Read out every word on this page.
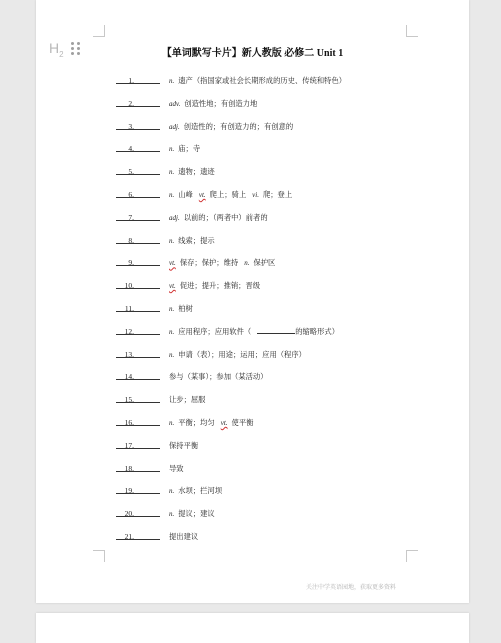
$H_2$	【单词默写卡片】新人教版 必修二 Unit 1
1.	n. 遗产（指国家或社会长期形成的历史、传统和特色）
2.	adv. 创造性地；有创造力地
3.	adj. 创造性的；有创造力的；有创意的
4.	n. 庙；寺
5.	n. 遗物；遗迹
6.	n. 山峰 vt. 爬上；骑上 vi. 爬；登上
7.	adj. 以前的；（两者中）前者的
8.	n. 线索；提示
9.	vt. 保存；保护；维持 n. 保护区
10.	vt. 促进；提升；推销；晋级
11.	n. 柏树
12.	n. 应用程序；应用软件（	的缩略形式）
13.	n. 申请（表）；用途；运用；应用（程序）
14.	参与（某事）；参加（某活动）
15.	让步；屈服
16.	n. 平衡；均匀 vt. 使平衡
17.	保持平衡
18.	导致
19.	n. 水坝；拦河坝
20.	n. 提议；建议
21.	提出建议
关注中学英语园地，获取更多资料
